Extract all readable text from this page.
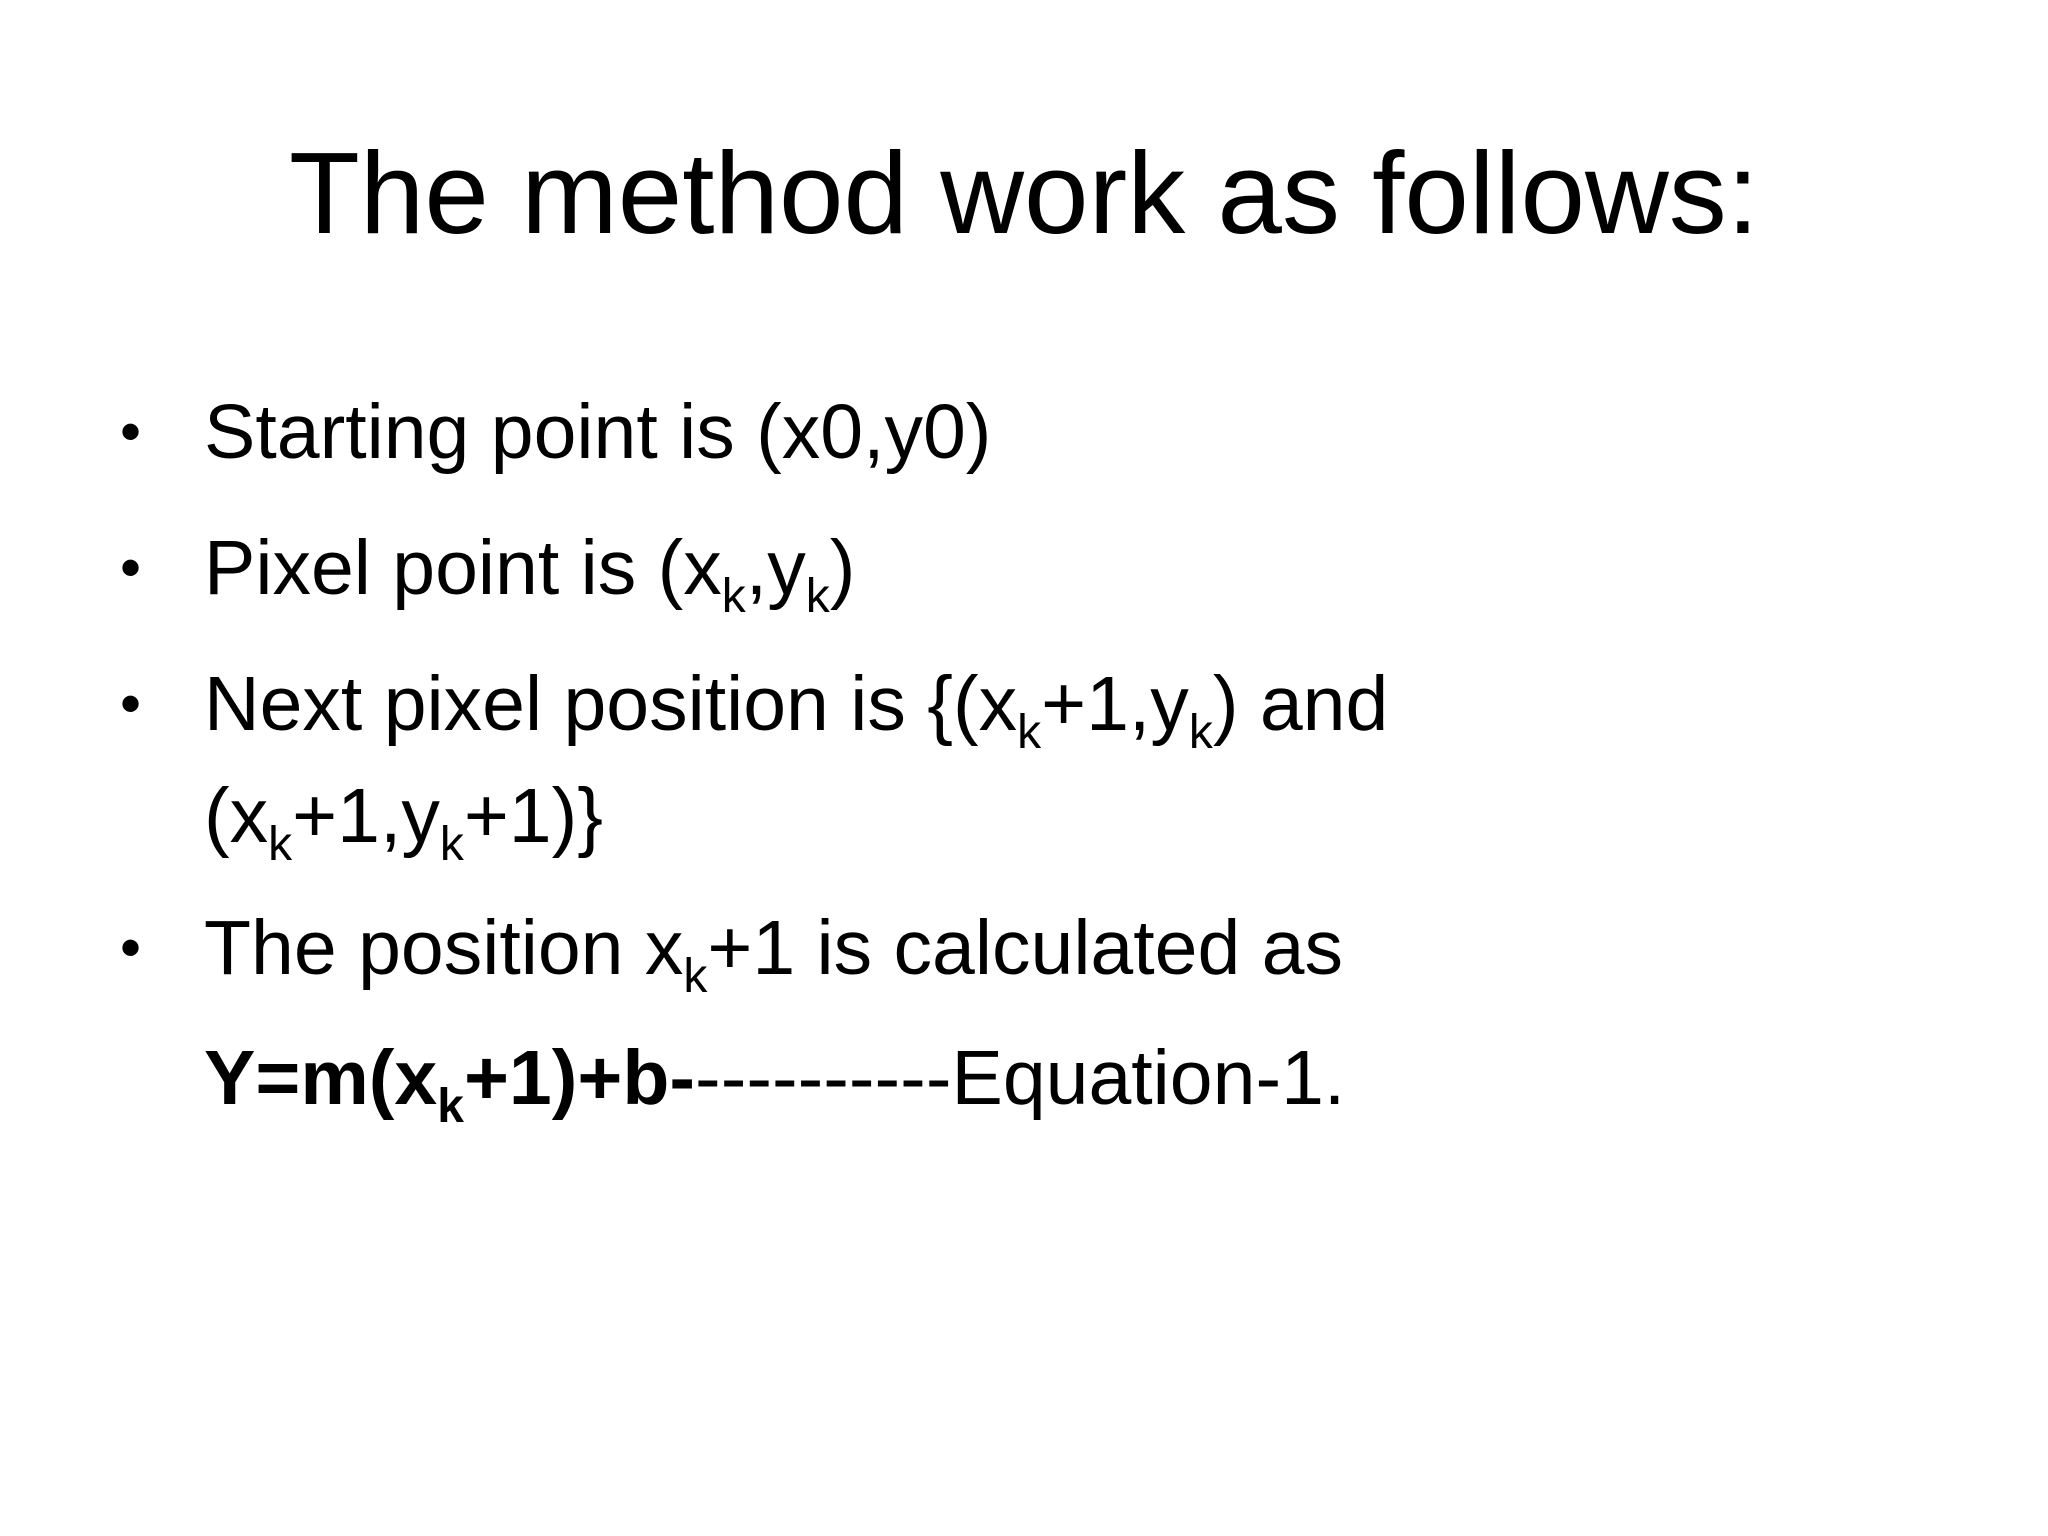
The method work as follows:
• Starting point is (x0,y0)
• Pixel point is $(x_k,y_k)$
• Next pixel position is {$(x_k+1,y_k)$ and
$(x_k+1,y_k+1)$}
• The position $x_k+1$ is calculated as
$Y=m(x_k+1)+b-----------Equation-1$.
